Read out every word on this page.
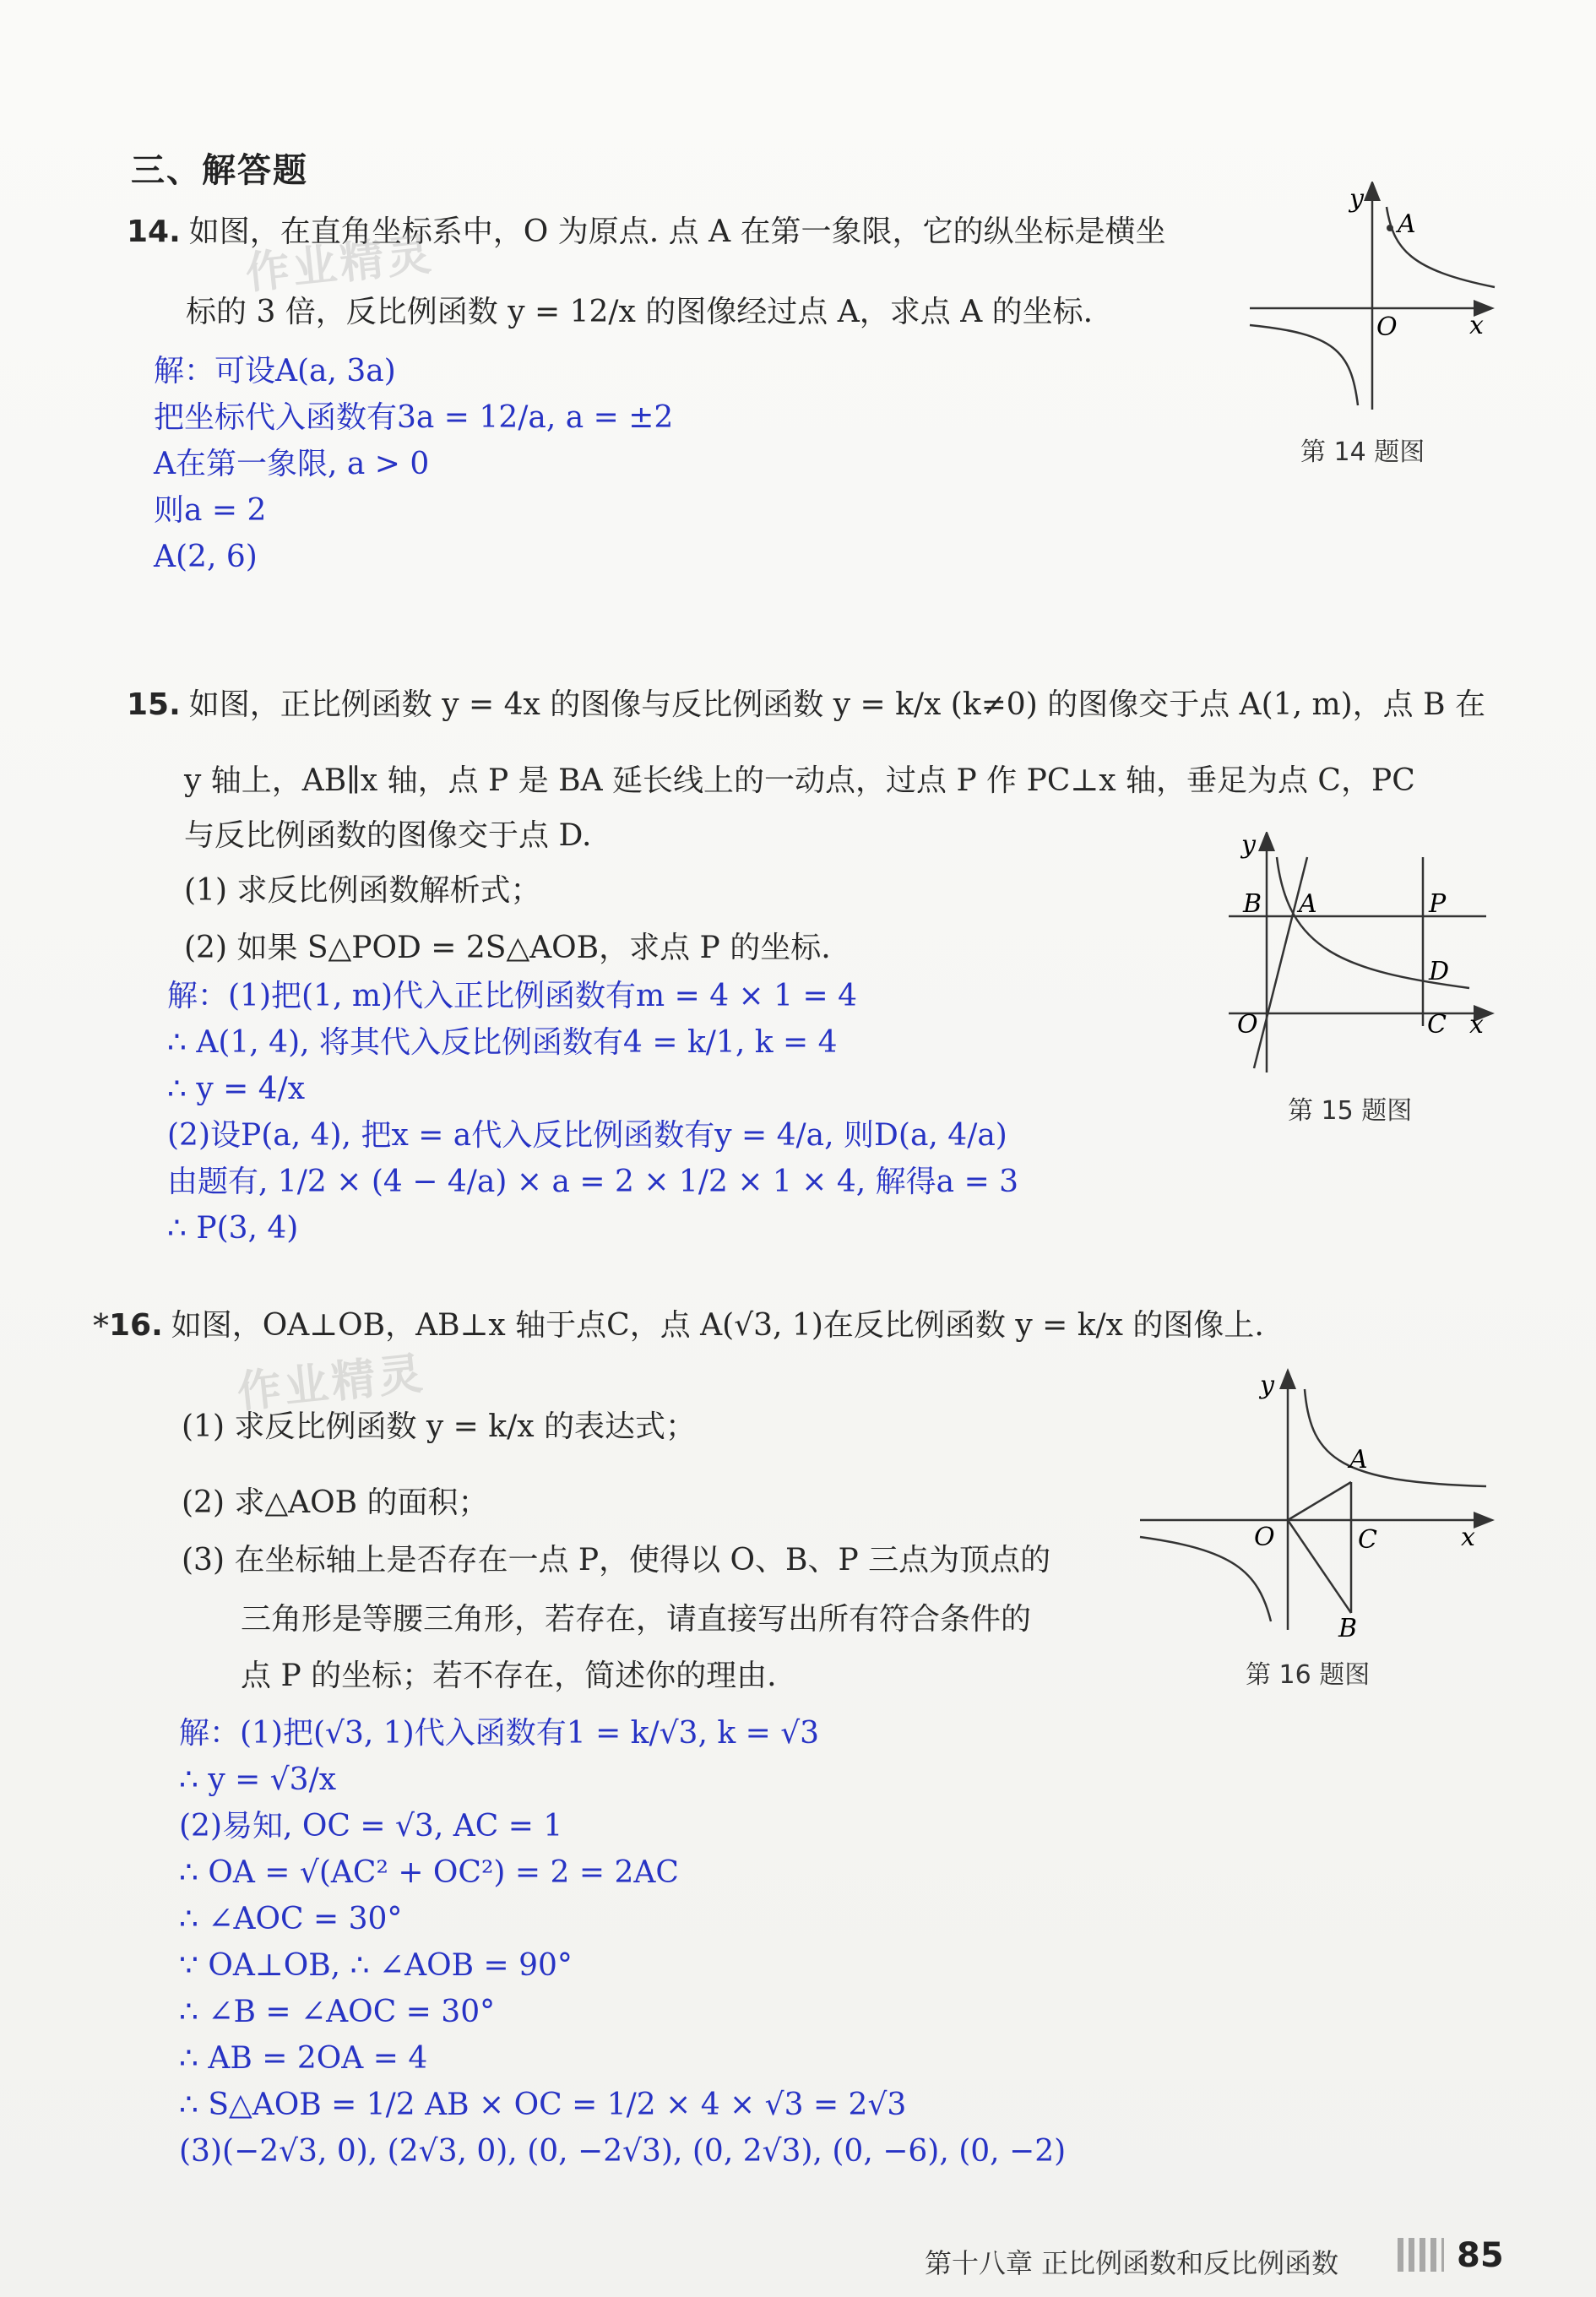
三、解答题
14. 如图，在直角坐标系中，O 为原点. 点 A 在第一象限，它的纵坐标是横坐
作业精灵
标的 3 倍，反比例函数 y = 12/x 的图像经过点 A，求点 A 的坐标.
解：可设A(a, 3a)
把坐标代入函数有3a = 12/a, a = ±2
A在第一象限, a > 0
则a = 2
A(2, 6)
y
A
O	x
第 14 题图
15. 如图，正比例函数 y = 4x 的图像与反比例函数 y = k/x (k≠0) 的图像交于点 A(1, m)，点 B 在
y 轴上，AB∥x 轴，点 P 是 BA 延长线上的一动点，过点 P 作 PC⊥x 轴，垂足为点 C，PC
与反比例函数的图像交于点 D.
(1) 求反比例函数解析式；
(2) 如果 S△POD = 2S△AOB，求点 P 的坐标.
解：(1)把(1, m)代入正比例函数有m = 4 × 1 = 4
∴ A(1, 4), 将其代入反比例函数有4 = k/1, k = 4
∴ y = 4/x
(2)设P(a, 4), 把x = a代入反比例函数有y = 4/a, 则D(a, 4/a)
由题有, 1/2 × (4 − 4/a) × a = 2 × 1/2 × 1 × 4, 解得a = 3
∴ P(3, 4)
y
B A	P
D
O	C x
第 15 题图
*16. 如图，OA⊥OB，AB⊥x 轴于点C，点 A(√3, 1)在反比例函数 y = k/x 的图像上.
作业精灵
(1) 求反比例函数 y = k/x 的表达式；
(2) 求△AOB 的面积；
(3) 在坐标轴上是否存在一点 P，使得以 O、B、P 三点为顶点的
三角形是等腰三角形，若存在，请直接写出所有符合条件的
点 P 的坐标；若不存在，简述你的理由.
解：(1)把(√3, 1)代入函数有1 = k/√3, k = √3
∴ y = √3/x
(2)易知, OC = √3, AC = 1
∴ OA = √(AC² + OC²) = 2 = 2AC
∴ ∠AOC = 30°
∵ OA⊥OB, ∴ ∠AOB = 90°
∴ ∠B = ∠AOC = 30°
∴ AB = 2OA = 4
∴ S△AOB = 1/2 AB × OC = 1/2 × 4 × √3 = 2√3
(3)(−2√3, 0), (2√3, 0), (0, −2√3), (0, 2√3), (0, −6), (0, −2)
y
A
O	C	x
B
第 16 题图
第十八章 正比例函数和反比例函数	85
